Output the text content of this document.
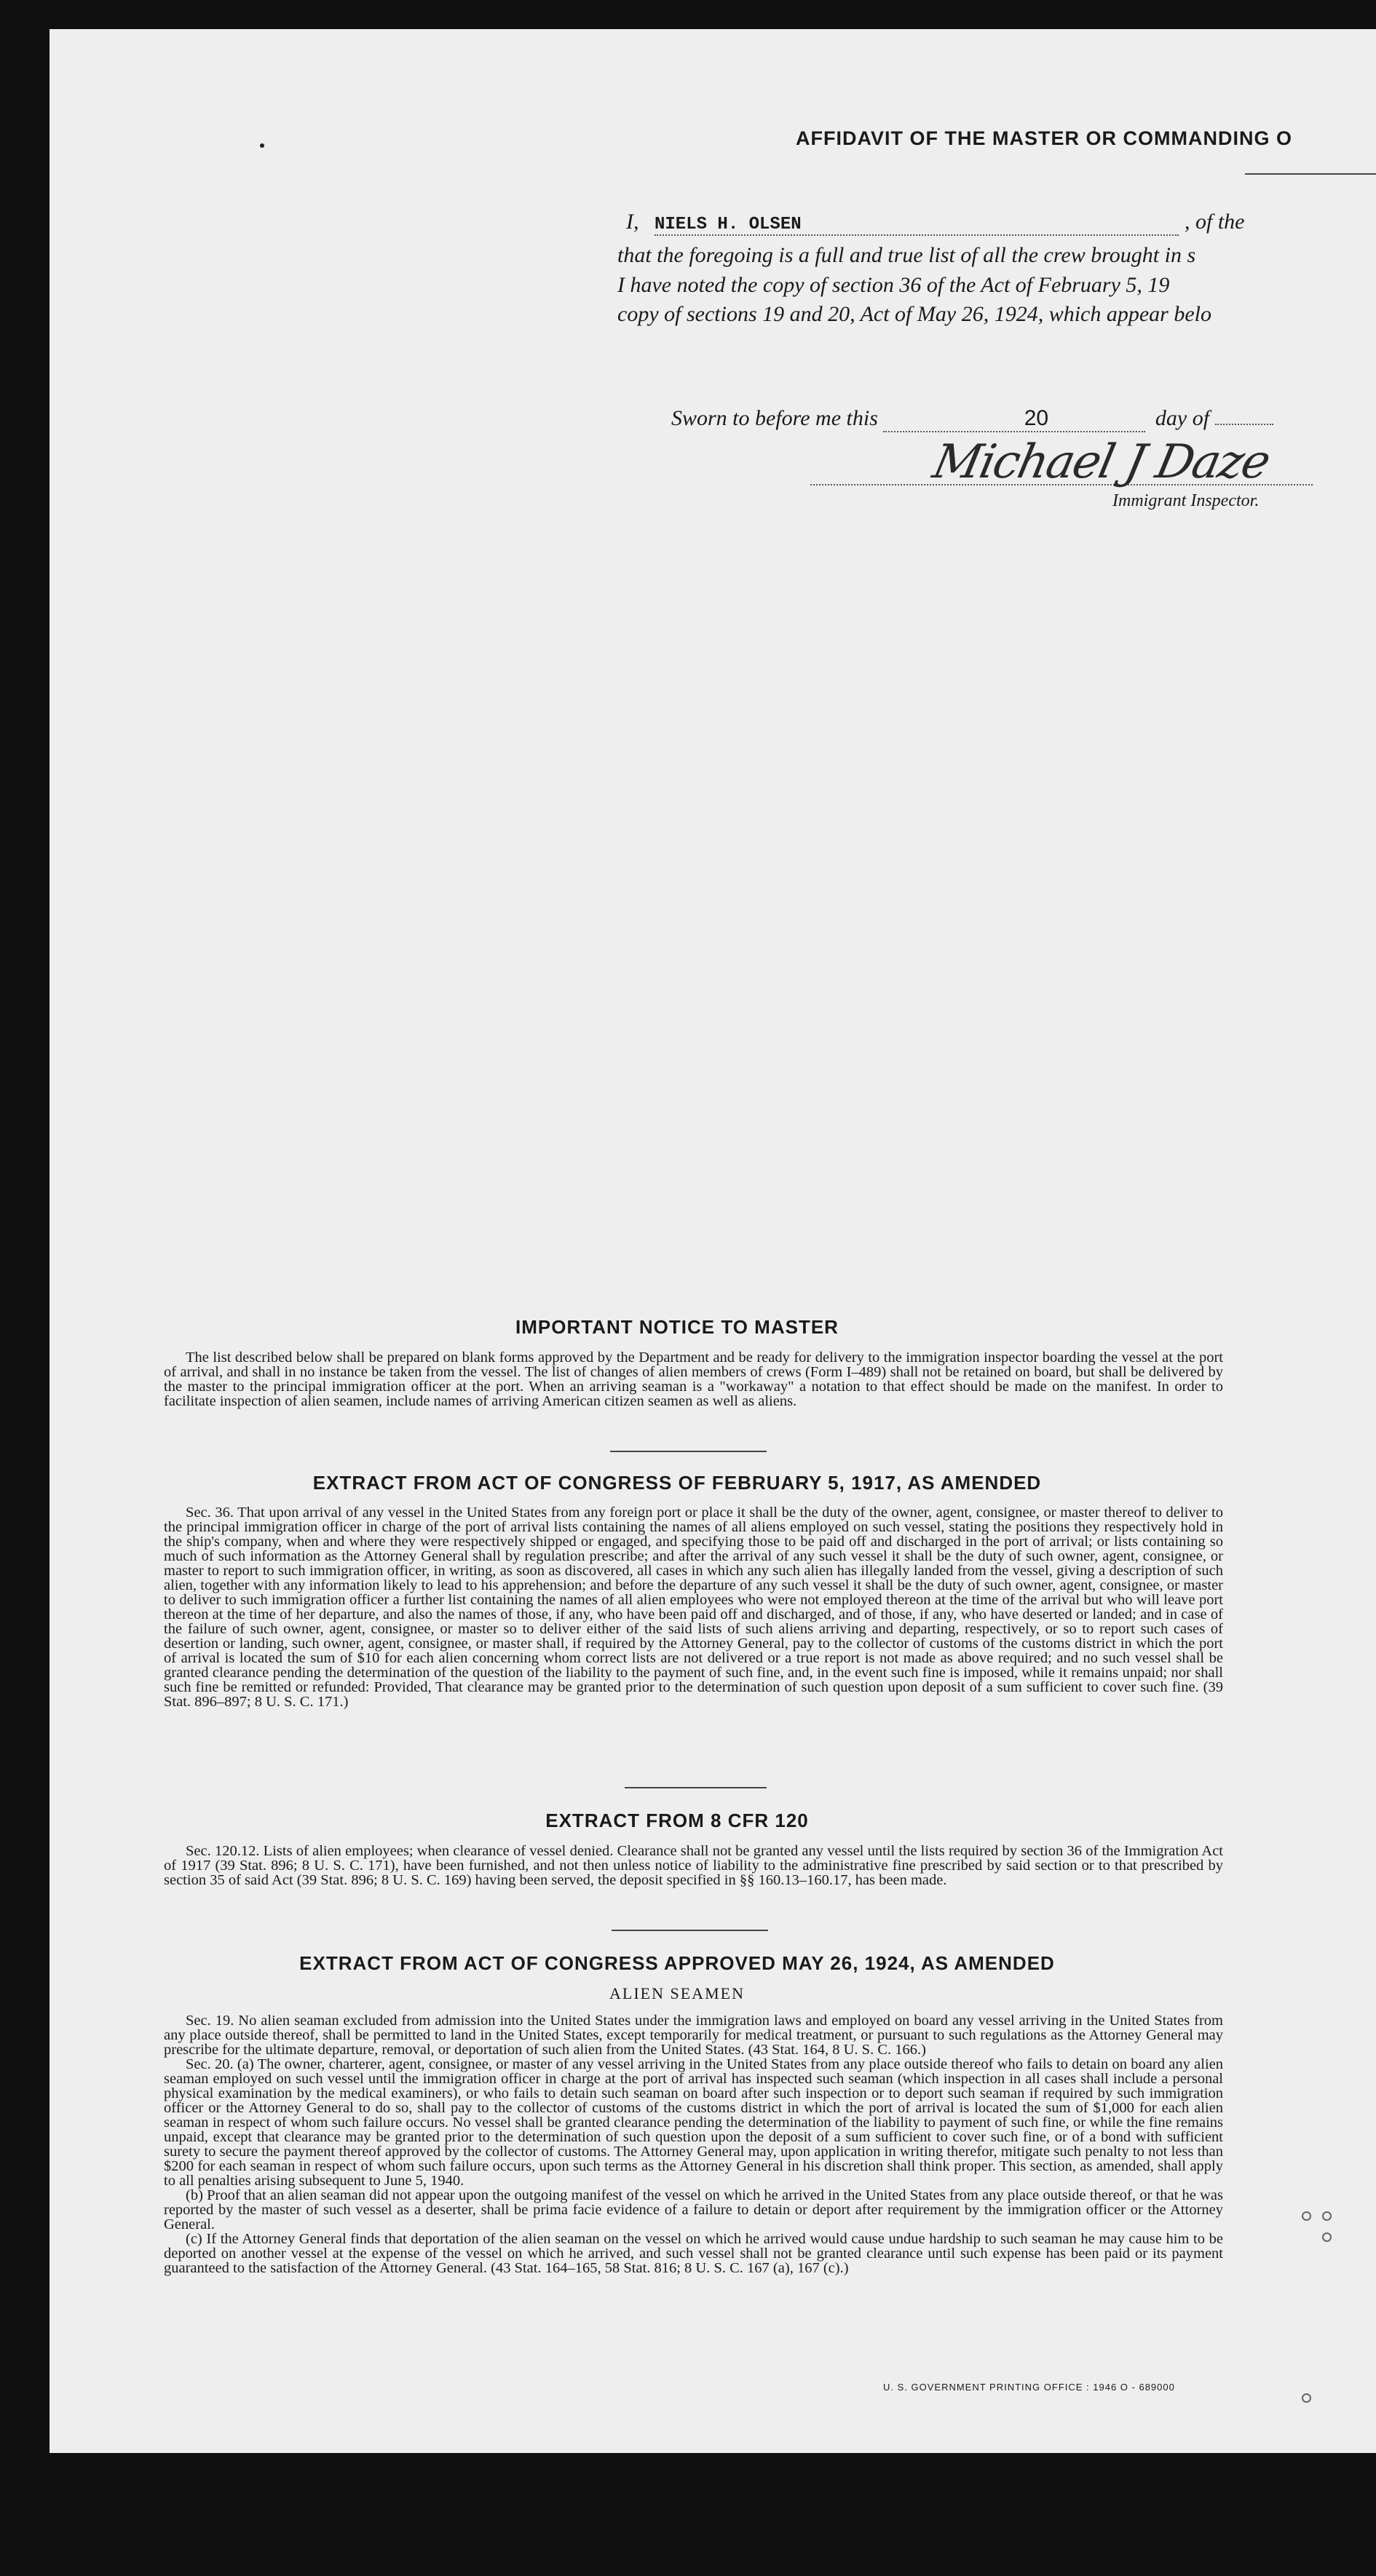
AFFIDAVIT OF THE MASTER OR COMMANDING O
I, NIELS H. OLSEN	, of the
that the foregoing is a full and true list of all the crew brought in s
I have noted the copy of section 36 of the Act of February 5, 19
copy of sections 19 and 20, Act of May 26, 1924, which appear belo
Sworn to before me this	20	day of
Michael J Daze
Immigrant Inspector.
IMPORTANT NOTICE TO MASTER

The list described below shall be prepared on blank forms approved by the Department and be ready for delivery to the immigration inspector boarding the vessel at the port of arrival, and shall in no instance be taken from the vessel. The list of changes of alien members of crews (Form I–489) shall not be retained on board, but shall be delivered by the master to the principal immigration officer at the port. When an arriving seaman is a "workaway" a notation to that effect should be made on the manifest. In order to facilitate inspection of alien seamen, include names of arriving American citizen seamen as well as aliens.

EXTRACT FROM ACT OF CONGRESS OF FEBRUARY 5, 1917, AS AMENDED

Sec. 36. That upon arrival of any vessel in the United States from any foreign port or place it shall be the duty of the owner, agent, consignee, or master thereof to deliver to the principal immigration officer in charge of the port of arrival lists containing the names of all aliens employed on such vessel, stating the positions they respectively hold in the ship's company, when and where they were respectively shipped or engaged, and specifying those to be paid off and discharged in the port of arrival; or lists containing so much of such information as the Attorney General shall by regulation prescribe; and after the arrival of any such vessel it shall be the duty of such owner, agent, consignee, or master to report to such immigration officer, in writing, as soon as discovered, all cases in which any such alien has illegally landed from the vessel, giving a description of such alien, together with any information likely to lead to his apprehension; and before the departure of any such vessel it shall be the duty of such owner, agent, consignee, or master to deliver to such immigration officer a further list containing the names of all alien employees who were not employed thereon at the time of the arrival but who will leave port thereon at the time of her departure, and also the names of those, if any, who have been paid off and discharged, and of those, if any, who have deserted or landed; and in case of the failure of such owner, agent, consignee, or master so to deliver either of the said lists of such aliens arriving and departing, respectively, or so to report such cases of desertion or landing, such owner, agent, consignee, or master shall, if required by the Attorney General, pay to the collector of customs of the customs district in which the port of arrival is located the sum of $10 for each alien concerning whom correct lists are not delivered or a true report is not made as above required; and no such vessel shall be granted clearance pending the determination of the question of the liability to the payment of such fine, and, in the event such fine is imposed, while it remains unpaid; nor shall such fine be remitted or refunded: Provided, That clearance may be granted prior to the determination of such question upon deposit of a sum sufficient to cover such fine. (39 Stat. 896–897; 8 U. S. C. 171.)

EXTRACT FROM 8 CFR 120

Sec. 120.12. Lists of alien employees; when clearance of vessel denied. Clearance shall not be granted any vessel until the lists required by section 36 of the Immigration Act of 1917 (39 Stat. 896; 8 U. S. C. 171), have been furnished, and not then unless notice of liability to the administrative fine prescribed by said section or to that prescribed by section 35 of said Act (39 Stat. 896; 8 U. S. C. 169) having been served, the deposit specified in §§ 160.13–160.17, has been made.

EXTRACT FROM ACT OF CONGRESS APPROVED MAY 26, 1924, AS AMENDED
ALIEN SEAMEN

Sec. 19. No alien seaman excluded from admission into the United States under the immigration laws and employed on board any vessel arriving in the United States from any place outside thereof, shall be permitted to land in the United States, except temporarily for medical treatment, or pursuant to such regulations as the Attorney General may prescribe for the ultimate departure, removal, or deportation of such alien from the United States. (43 Stat. 164, 8 U. S. C. 166.)

Sec. 20. (a) The owner, charterer, agent, consignee, or master of any vessel arriving in the United States from any place outside thereof who fails to detain on board any alien seaman employed on such vessel until the immigration officer in charge at the port of arrival has inspected such seaman (which inspection in all cases shall include a personal physical examination by the medical examiners), or who fails to detain such seaman on board after such inspection or to deport such seaman if required by such immigration officer or the Attorney General to do so, shall pay to the collector of customs of the customs district in which the port of arrival is located the sum of $1,000 for each alien seaman in respect of whom such failure occurs. No vessel shall be granted clearance pending the determination of the liability to payment of such fine, or while the fine remains unpaid, except that clearance may be granted prior to the determination of such question upon the deposit of a sum sufficient to cover such fine, or of a bond with sufficient surety to secure the payment thereof approved by the collector of customs. The Attorney General may, upon application in writing therefor, mitigate such penalty to not less than $200 for each seaman in respect of whom such failure occurs, upon such terms as the Attorney General in his discretion shall think proper. This section, as amended, shall apply to all penalties arising subsequent to June 5, 1940.

(b) Proof that an alien seaman did not appear upon the outgoing manifest of the vessel on which he arrived in the United States from any place outside thereof, or that he was reported by the master of such vessel as a deserter, shall be prima facie evidence of a failure to detain or deport after requirement by the immigration officer or the Attorney General.

(c) If the Attorney General finds that deportation of the alien seaman on the vessel on which he arrived would cause undue hardship to such seaman he may cause him to be deported on another vessel at the expense of the vessel on which he arrived, and such vessel shall not be granted clearance until such expense has been paid or its payment guaranteed to the satisfaction of the Attorney General. (43 Stat. 164–165, 58 Stat. 816; 8 U. S. C. 167 (a), 167 (c).)

U. S. GOVERNMENT PRINTING OFFICE : 1946 O - 689000
